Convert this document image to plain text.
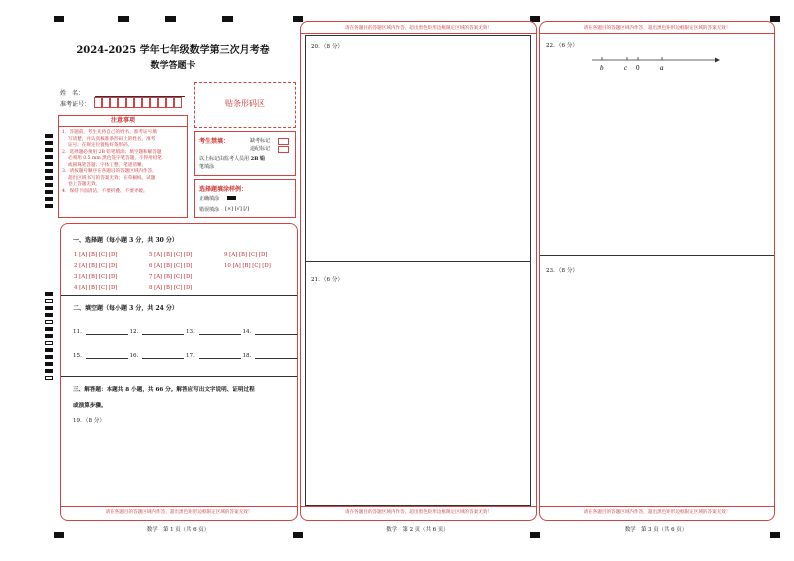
2024-2025 学年七年级数学第三次月考卷
数学答题卡
姓　名：
准考证号：	贴条形码区
注意事项
1．答题前，考生先将自己的姓名，准考证号填
写清楚，并认真核准条形码上的姓名、准考
证号，在规定位置贴好条形码。
2．选择题必须用 2B 铅笔填涂；填空题和解答题
必须用 0.5 mm 黑色签字笔答题，不得用铅笔
或圆珠笔答题；字体工整、笔迹清晰。
3．请按题号顺序在各题目的答题区域内作答，
超出区域书写的答案无效；在草稿纸、试题
卷上答题无效。
4．保持卡面清洁，不要折叠、不要弄破。
考生禁填：	缺考标记
违纪标记
以上标记由监考人员用 2B 铅
笔填涂
选择题填涂样例：
正确填涂
错误填涂 [×] [√] [/]
一、选择题（每小题 3 分，共 30 分）
1 [A] [B] [C] [D]	5 [A] [B] [C] [D]	9 [A] [B] [C] [D]
2 [A] [B] [C] [D]	6 [A] [B] [C] [D]	10 [A] [B] [C] [D]
3 [A] [B] [C] [D]	7 [A] [B] [C] [D]
4 [A] [B] [C] [D]	8 [A] [B] [C] [D]
二、填空题（每小题 3 分，共 24 分）
11．	12．	13．	14．
15．	16．	17．	18．
三、解答题：本题共 8 小题，共 66 分。解答应写出文字说明、证明过程
或演算步骤。
19．（8 分）
请在各题目的答题区域内作答，超出黑色矩形边框限定区域的答案无效！
请在各题目的答题区域内作答，超出黑色矩形边框限定区域的答案无效！
20．（8 分）
21．（6 分）
请在各题目的答题区域内作答，超出黑色矩形边框限定区域的答案无效！
请在各题目的答题区域内作答，超出黑色矩形边框限定区域的答案无效！
22．（6 分）
b	c 0	a
23．（8 分）
请在各题目的答题区域内作答，超出黑色矩形边框限定区域的答案无效！
数学　第 1 页（共 6 页）	数学　第 2 页（共 6 页）	数学　第 3 页（共 6 页）
